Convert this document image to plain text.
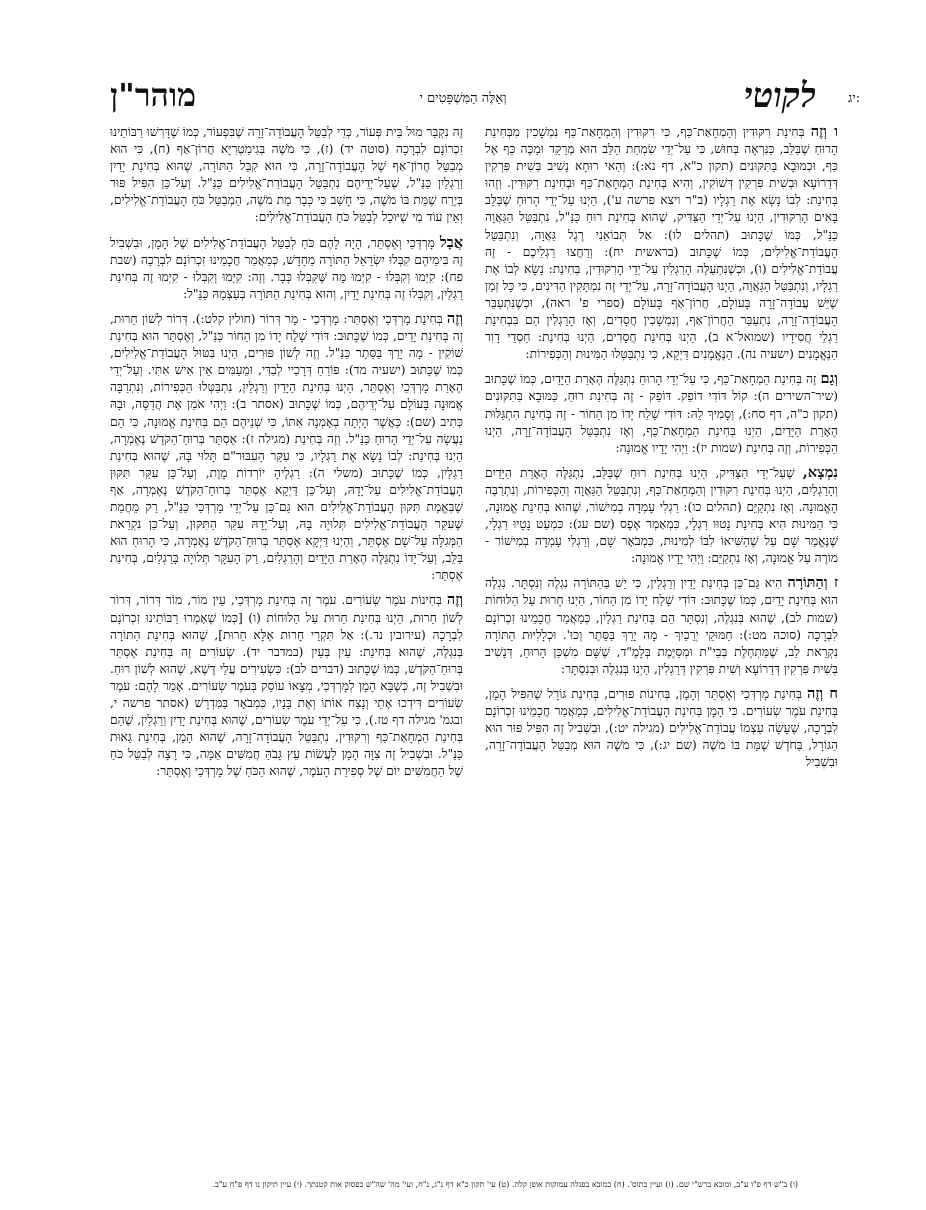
לקוטי
וְאֵלֶּה הַמִּשְׁפָּטִים י
מוהר"ן	יג:

ו וְזֶה בְּחִינַת רִקּוּדִין וְהַמְחָאַת־כַּף, כִּי רִקּוּדִין וְהַמְחָאַת־כַּף נִמְשָׁכִין מִבְּחִינַת הָרוּחַ שֶׁבַּלֵּב, כַּנִּרְאֶה בְּחוּשׁ, כִּי עַל־יְדֵי שִׂמְחַת הַלֵּב הוּא מְרַקֵּד וּמַכֶּה כַּף אֶל כַּף, וּכְמוּבָא בַּתִּקּוּנִים (תקון כ"א, דף נא:): וְהַאי רוּחָא נָשִׁיב בְּשִׁית פִּרְקִין דְּדַרוֹעָא וּבְשִׁית פִּרְקִין דְּשׁוֹקִין, וְהִיא בְּחִינַת הַמְחָאַת־כַּף וּבְחִינַת רִקּוּדִין. וְזֶהוּ בְּחִינַת: לְבוֹ נָשָׂא אֶת רַגְלָיו (ב"ר ויצא פרשה ע'), הַיְנוּ עַל־יְדֵי הָרוּחַ שֶׁבַּלֵּב בָּאִים הָרִקּוּדִין, הַיְנוּ עַל־יְדֵי הַצַּדִּיק, שֶׁהוּא בְּחִינַת רוּחַ כַּנַּ"ל, נִתְבַּטֵּל הַגַּאֲוָה כַּנַּ"ל, כְּמוֹ שֶׁכָּתוּב (תהלים לו): אַל תְּבוֹאֵנִי רֶגֶל גַּאֲוָה, וְנִתְבַּטֵּל הָעֲבוֹדַת־אֱלִילִים, כְּמוֹ שֶׁכָּתוּב (בראשית יח): וְרַחֲצוּ רַגְלֵיכֶם - זֶה עֲבוֹדַת־אֱלִילִים (ו), וּכְשֶׁנִּתְעַלֶּה הָרַגְלִין עַל־יְדֵי הָרִקּוּדִין, בְּחִינַת: נָשָׂא לְבוֹ אֶת רַגְלָיו, וְנִתְבַּטֵּל הַגַּאֲוָה, הַיְנוּ הָעֲבוֹדָה־זָרָה, עַל־יְדֵי זֶה נִמְתָּקִין הַדִּינִים, כִּי כָּל זְמַן שֶׁיֵּשׁ עֲבוֹדָה־זָרָה בָּעוֹלָם, חֲרוֹן־אַף בָּעוֹלָם (ספרי פ' ראה), וּכְשֶׁנִּתְעַבֵּר הָעֲבוֹדָה־זָרָה, נִתְעַבֵּר הַחֲרוֹן־אַף, וְנִמְשָׁכִין חֲסָדִים, וְאָז הָרַגְלִין הֵם בִּבְחִינַת רַגְלֵי חֲסִידָיו (שמואל־א ב), הַיְנוּ בְּחִינַת חֲסָדִים, הַיְנוּ בְּחִינַת: חַסְדֵי דָוִד הַנֶּאֱמָנִים (ישעיה נה). הַנֶּאֱמָנִים דַּיְקָא, כִּי נִתְבַּטְּלוּ הַמִּינוּת וְהַכְּפִירוֹת:

וְגַם זֶה בְּחִינַת הַמְחָאַת־כַּף, כִּי עַל־יְדֵי הָרוּחַ נִתְגַּלֶּה הֶאָרַת הַיָּדַיִם, כְּמוֹ שֶׁכָּתוּב (שיר־השירים ה): קוֹל דּוֹדִי דוֹפֵק. דּוֹפֵק - זֶה בְּחִינַת רוּחַ, כַּמּוּבָא בַּתִּקּוּנִים (תקון כ"ה, דף סח:), וְסָמִיךְ לֵהּ: דּוֹדִי שָׁלַח יָדוֹ מִן הַחוֹר - זֶה בְּחִינַת הִתְגַּלּוּת הֶאָרַת הַיָּדַיִם, הַיְנוּ בְּחִינַת הַמְחָאַת־כַּף, וְאָז נִתְבַּטֵּל הָעֲבוֹדָה־זָרָה, הַיְנוּ הַכְּפִירוֹת, וְזֶה בְּחִינַת (שמות יז): וַיְהִי יָדָיו אֱמוּנָה:

נִמְצָא, שֶׁעַל־יְדֵי הַצַּדִּיק, הַיְנוּ בְּחִינַת רוּחַ שֶׁבַּלֵּב, נִתְגַּלֶּה הֶאָרַת הַיָּדַיִם וְהָרַגְלַיִם, הַיְנוּ בְּחִינַת רִקּוּדִין וְהַמְחָאַת־כַּף, וְנִתְבַּטֵּל הַגַּאֲוָה וְהַכְּפִירוֹת, וְנִתְרַבֶּה הָאֱמוּנָה. וְאָז נִתְקַיֵּם (תהלים כו): רַגְלִי עָמְדָה בְמִישׁוֹר, שֶׁהוּא בְּחִינַת אֱמוּנָה, כִּי הַמִּינוּת הִיא בְּחִינַת נָטוּו רַגְלָי, כִּמְאַמְר אֶפֶס (שם עג): כִּמְעַט נָטָיוּ רַגְלָי, שֶׁנֶּאֱמַר שָׁם עַל שֶׁהַשִּׁיאוֹ לִבּוֹ לְמִינוּת, כִּמְבֹאָר שָׁם, וְרַגְלִי עָמְדָה בְמִישׁוֹר - מוֹרֶה עַל אֱמוּנָה, וְאָז נִתְקַיֵּם: וַיְהִי יָדָיו אֱמוּנָה:

ז וְהַתּוֹרָה הִיא גַּם־כֵּן בְּחִינַת יָדַיִן וְרַגְלִין, כִּי יֵשׁ בַּהַתּוֹרָה נִגְלֶה וְנִסְתָּר. נִגְלֶה הוּא בְּחִינַת יָדַיִם, כְּמוֹ שֶׁכָּתוּב: דּוֹדִי שָׁלַח יָדוֹ מִן הַחוֹר, הַיְנוּ חָרוּת עַל הַלּוּחוֹת (שמות לב), שֶׁהוּא בְּנִגְלֶה, וְנִסְתָּר הֵם בְּחִינַת רַגְלַיִן, כְּמַאֲמַר חֲכָמֵינוּ זִכְרוֹנָם לִבְרָכָה (סוכה מט:): חַמּוּקֵי יְרֵכַיִךְ - מָה יָרֵךְ בַּסֵּתֶר וְכוּ'. וּכְלָלִיּוּת הַתּוֹרָה נִקְרֵאת לֵב, שֶׁמַּתְחֶלֶת בְּבֵי"ת וּמְסַיֶּמֶת בְּלָמֶ"ד, שֶׁשָּׁם מִשְׁכַּן הָרוּחַ, דְּנָשִׁיב בְּשִׁית פִּרְקִין דְּדַרוֹעָא וְשִׁית פִּרְקִין דְּרַגְלִין, הַיְנוּ בְּנִגְלֶה וּבְנִסְתָּר:

ח וְזֶה בְּחִינַת מָרְדְּכַי וְאֶסְתֵּר וְהָמָן, בְּחִינוֹת פּוּרִים, בְּחִינַת גּוֹרָל שֶׁהִפִּיל הָמָן, בְּחִינַת עֹמֶר שְׂעוֹרִים. כִּי הָמָן בְּחִינַת הָעֲבוֹדַת־אֱלִילִים, כְּמַאֲמַר חֲכָמֵינוּ זִכְרוֹנָם לִבְרָכָה, שֶׁעָשָׂה עַצְמוֹ עֲבוֹדַת־אֱלִילִים (מגילה יט:), וּבִשְׁבִיל זֶה הִפִּיל פּוּר הוּא הַגּוֹרָל, בַּחֹדֶשׁ שֶׁמֵּת בּוֹ מֹשֶׁה (שם יג:), כִּי מֹשֶׁה הוּא מְבַטֵּל הָעֲבוֹדָה־זָרָה, וּבִשְׁבִיל

זֶה נִקְבַּר מוּל בֵּית פְּעוֹר, כְּדֵי לְבַטֵּל הָעֲבוֹדָה־זָרָה שֶׁבִּפְעוֹר, כְּמוֹ שֶׁדָּרְשׁוּ רַבּוֹתֵינוּ זִכְרוֹנָם לִבְרָכָה (סוטה יד) (ז), כִּי מֹשֶׁה בְּגִימַטְרִיָּא חֲרוֹן־אַף (ח), כִּי הוּא מְבַטֵּל חֲרוֹן־אַף שֶׁל הָעֲבוֹדָה־זָרָה, כִּי הוּא קִבֵּל הַתּוֹרָה, שֶׁהוּא בְּחִינַת יָדַיִן וְרַגְלַיִן כַּנַּ"ל, שֶׁעַל־יְדֵיהֶם נִתְבַּטֵּל הָעֲבוֹדַת־אֱלִילִים כַּנַּ"ל. וְעַל־כֵּן הִפִּיל פּוּר בְּיֶרַח שֶׁמֵּת בּוֹ מֹשֶׁה, כִּי חָשַׁב כִּי כְּבָר מֵת מֹשֶׁה, הַמְבַטֵּל כֹּחַ הָעֲבוֹדַת־אֱלִילִים, וְאֵין עוֹד מִי שֶׁיּוּכַל לְבַטֵּל כֹּחַ הָעֲבוֹדַת־אֱלִילִים:

אֲבָל מָרְדְּכַי וְאֶסְתֵּר, הָיָה לָהֶם כֹּחַ לְבַטֵּל הָעֲבוֹדַת־אֱלִילִים שֶׁל הָמָן, וּבִשְׁבִיל זֶה בִּימֵיהֶם קִבְּלוּ יִשְׂרָאֵל הַתּוֹרָה מֵחָדָשׁ, כְּמַאֲמַר חֲכָמֵינוּ זִכְרוֹנָם לִבְרָכָה (שבת פח): קִיְּמוּ וְקִבְּלוּ - קִיְּמוּ מָה שֶּׁקִּבְּלוּ כְּבָר. וְזֶה: קִיְּמוּ וְקִבְּלוּ - קִיְּמוּ זֶה בְּחִינַת רַגְלַיִן, וְקִבְּלוּ זֶה בְּחִינַת יָדַיִן, וְהוּא בְּחִינַת הַתּוֹרָה בְּעַצְמָהּ כַּנַּ"ל:

וְזֶה בְּחִינַת מָרְדְּכַי וְאֶסְתֵּר: מָרְדְּכַי - מָר דְּרוֹר (חולין קלט:). דְּרוֹר לְשׁוֹן חֵרוּת, זֶה בְּחִינַת יָדַיִם, כְּמוֹ שֶׁכָּתוּב: דּוֹדִי שָׁלַח יָדוֹ מִן הַחוֹר כַּנַּ"ל, וְאֶסְתֵּר הוּא בְּחִינַת שׁוֹקִין - מָה יָרֵךְ בַּסֵּתֶר כַּנַּ"ל. וְזֶה לְשׁוֹן פּוּרִים, הַיְנוּ בִּטּוּל הָעֲבוֹדַת־אֱלִילִים, כְּמוֹ שֶׁכָּתוּב (ישעיה מד): פּוֹרֵחַ דְּרָכַיי לְבַדִּי, וּמֵעַמִּים אֵין אִישׁ אִתִּי. וְעַל־יְדֵי הֶאָרַת מָרְדְּכַי וְאֶסְתֵּר, הַיְנוּ בְּחִינַת הַיָּדַיִן וְרַגְלַיִן, נִתְבַּטְּלוּ הַכְּפִירוֹת, וְנִתְרַבָּה אֱמוּנָה בָּעוֹלָם עַל־יְדֵיהֶם, כְּמוֹ שֶׁכָּתוּב (אסתר ב): וַיְהִי אֹמֵן אֶת הֲדַסָּה, וּבָהּ כְּתִיב (שם): כַּאֲשֶׁר הָיְתָה בְאָמְנָה אִתּוֹ, כִּי שְׁנֵיהֶם הֵם בְּחִינַת אֱמוּנָה, כִּי הֵם נַעֲשָׂה עַל־יְדֵי הָרוּחַ כַּנַּ"ל. וְזֶה בְּחִינַת (מגילה ז): אֶסְתֵּר בְּרוּחַ־הַקֹּדֶשׁ נֶאֶמְרָה, הַיְנוּ בְּחִינַת: לְבוֹ נָשָׂא אֶת רַגְלָיו, כִּי עִקַּר הָעִבּוּר"ם תָּלוּי בָּהּ, שֶׁהוּא בְּחִינַת רַגְלַיִן, כְּמוֹ שֶׁכָּתוּב (משלי ה): רַגְלֶיהָ יוֹרְדוֹת מָוֶת, וְעַל־כֵּן עִקַּר תִּקּוּן הָעֲבוֹדַת־אֱלִילִים עַל־יָדָהּ, וְעַל־כֵּן דַּיְקָא אֶסְתֵּר בְּרוּחַ־הַקֹּדֶשׁ נֶאֶמְרָה, אַף שֶׁבְּאֱמֶת תִּקּוּן הָעֲבוֹדַת־אֱלִילִים הוּא גַּם־כֵּן עַל־יְדֵי מָרְדְּכַי כַּנַּ"ל, רַק מֵחֲמַת שֶׁעִקַּר הָעֲבוֹדַת־אֱלִילִים תְּלוּיָה בָּהּ, וְעַל־יָדָהּ עִקַּר הַתִּקּוּן, וְעַל־כֵּן נִקְרֵאת הַמְּגִלָּה עַל־שֵׁם אֶסְתֵּר, וְהַיְנוּ דַּיְקָא אֶסְתֵּר בְּרוּחַ־הַקֹּדֶשׁ נֶאֶמְרָה, כִּי הָרוּחַ הוּא בַּלֵּב, וְעַל־יָדוֹ נִתְגַּלֶּה הֶאָרַת הַיָּדַיִם וְהָרַגְלַיִם, רַק הָעִקָּר תְּלוּיָה בָּרַגְלַיִם, בְּחִינַת אֶסְתֵּר:

וְזֶה בְּחִינוֹת עֹמֶר שְׂעוֹרִים. עֹמֶר זֶה בְּחִינַת מָרְדְּכַי, עֵין מוֹר, מוֹר דְּרוֹר, דְּרוֹר לְשׁוֹן חֵרוּת, הַיְנוּ בְּחִינַת חֵרוּת עַל הַלּוּחוֹת (ו) [כְּמוֹ שֶׁאָמְרוּ רַבּוֹתֵינוּ זִכְרוֹנָם לִבְרָכָה (עירובין נד.): אַל תִּקְרֵי חָרוּת אֶלָּא חֵרוּת], שֶׁהוּא בְּחִינַת הַתּוֹרָה בְּנִגְלֶה, שֶׁהוּא בְּחִינַת: עַיִן בְּעַיִן (במדבר יד). שְׂעוֹרִים זֶה בְּחִינַת אֶסְתֵּר בְּרוּחַ־הַקֹּדֶשׁ, כְּמוֹ שֶׁכָּתוּב (דברים לב): כִּשְׂעִירִים עֲלֵי דֶשֶׁא, שֶׁהוּא לְשׁוֹן רוּחַ. וּבִשְׁבִיל זֶה, כְּשֶׁבָּא הָמָן לְמָרְדְּכַי, מְצָאוֹ עוֹסֵק בְּעֹמֶר שְׂעוֹרִים. אָמַר לָהֶם: עֹמֶר שְׂעוֹרִים דִּידְכוּ אָתֵי וְנָצַח אוֹתוֹ וְאֶת בָּנָיו, כִּמְבֹאָר בַּמִּדְרָשׁ (אסתר פרשה י, ובגמ' מגילה דף טז.), כִּי עַל־יְדֵי עֹמֶר שְׂעוֹרִים, שֶׁהוּא בְּחִינַת יָדַיִן וְרַגְלַיִן, שֶׁהֵם בְּחִינַת הַמְחָאַת־כַּף וְרִקּוּדִין, נִתְבַּטֵּל הָעֲבוֹדָה־זָרָה, שֶׁהוּא הָמָן, בְּחִינַת גַּאוּת כַּנַּ"ל. וּבִשְׁבִיל זֶה צִוָּה הָמָן לַעֲשׂוֹת עֵץ גָּבֹהַּ חֲמִשִּׁים אַמָּה, כִּי רָצָה לְבַטֵּל כֹּחַ שֶׁל הַחֲמִשִּׁים יוֹם שֶׁל סְפִירַת הָעֹמֶר, שֶׁהוּא הַכֹּחַ שֶׁל מָרְדְּכַי וְאֶסְתֵּר:

(ו) ב"ש דף פ"ו ע"ב, ומובא ברש"י שם. (ז) ועיין בתוס'. (ח) כמובא בפגלה עמוקות אופן קלה. (ט) עי' תקון כ"א דף נ"ג, נ"ח, ועי' מה' שה"ש בפסוק אות קטנתך. (י) עיין תיקון נו דף פ"ח ע"ב.
